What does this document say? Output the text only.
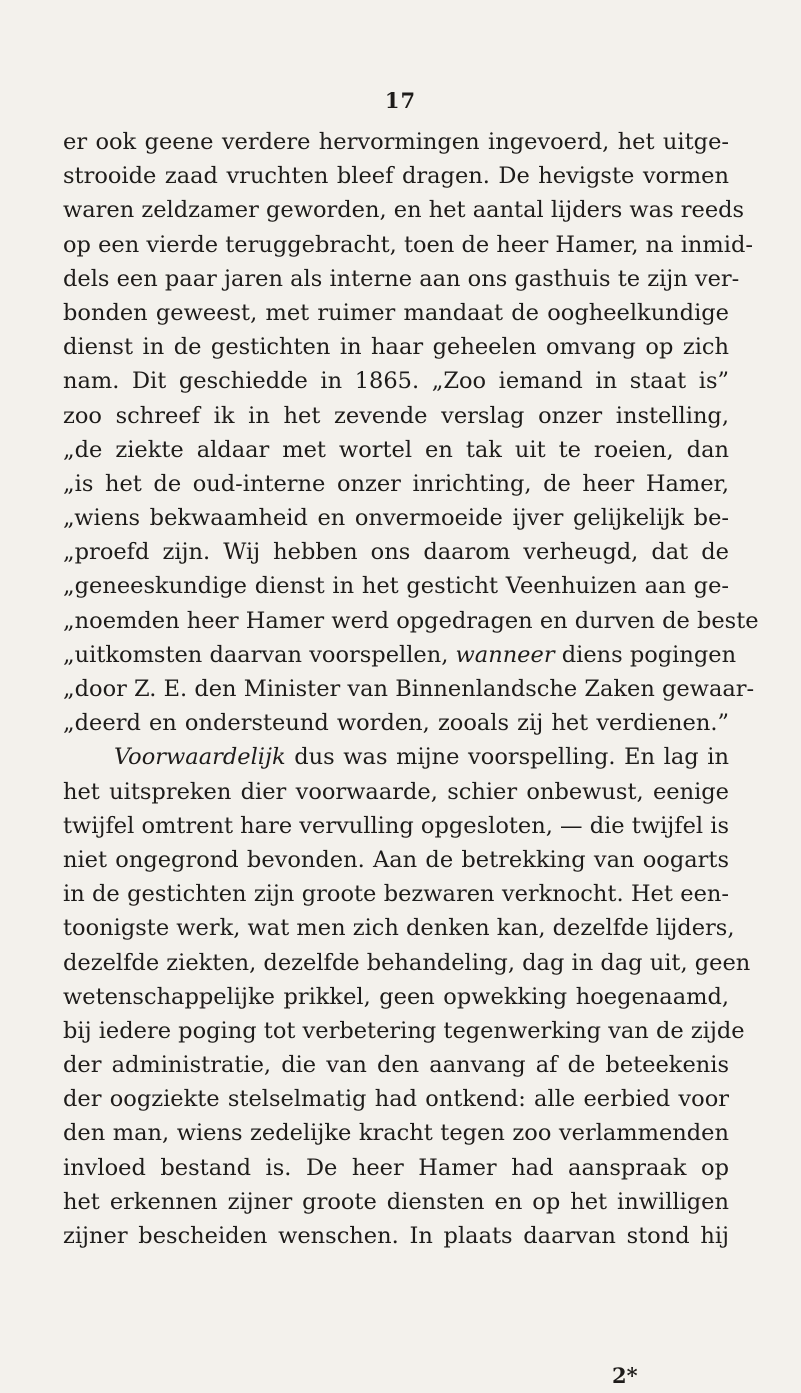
17
er ook geene verdere hervormingen ingevoerd, het uitge-
strooide zaad vruchten bleef dragen. De hevigste vormen
waren zeldzamer geworden, en het aantal lijders was reeds
op een vierde teruggebracht, toen de heer Hamer, na inmid-
dels een paar jaren als interne aan ons gasthuis te zijn ver-
bonden geweest, met ruimer mandaat de oogheelkundige
dienst in de gestichten in haar geheelen omvang op zich
nam. Dit geschiedde in 1865. „Zoo iemand in staat is”
zoo schreef ik in het zevende verslag onzer instelling,
„de ziekte aldaar met wortel en tak uit te roeien, dan
„is het de oud-interne onzer inrichting, de heer Hamer,
„wiens bekwaamheid en onvermoeide ijver gelijkelijk be-
„proefd zijn. Wij hebben ons daarom verheugd, dat de
„geneeskundige dienst in het gesticht Veenhuizen aan ge-
„noemden heer Hamer werd opgedragen en durven de beste
„uitkomsten daarvan voorspellen, wanneer diens pogingen
„door Z. E. den Minister van Binnenlandsche Zaken gewaar-
„deerd en ondersteund worden, zooals zij het verdienen.”
Voorwaardelijk dus was mijne voorspelling. En lag in
het uitspreken dier voorwaarde, schier onbewust, eenige
twijfel omtrent hare vervulling opgesloten, — die twijfel is
niet ongegrond bevonden. Aan de betrekking van oogarts
in de gestichten zijn groote bezwaren verknocht. Het een-
toonigste werk, wat men zich denken kan, dezelfde lijders,
dezelfde ziekten, dezelfde behandeling, dag in dag uit, geen
wetenschappelijke prikkel, geen opwekking hoegenaamd,
bij iedere poging tot verbetering tegenwerking van de zijde
der administratie, die van den aanvang af de beteekenis
der oogziekte stelselmatig had ontkend: alle eerbied voor
den man, wiens zedelijke kracht tegen zoo verlammenden
invloed bestand is. De heer Hamer had aanspraak op
het erkennen zijner groote diensten en op het inwilligen
zijner bescheiden wenschen. In plaats daarvan stond hij
2*
